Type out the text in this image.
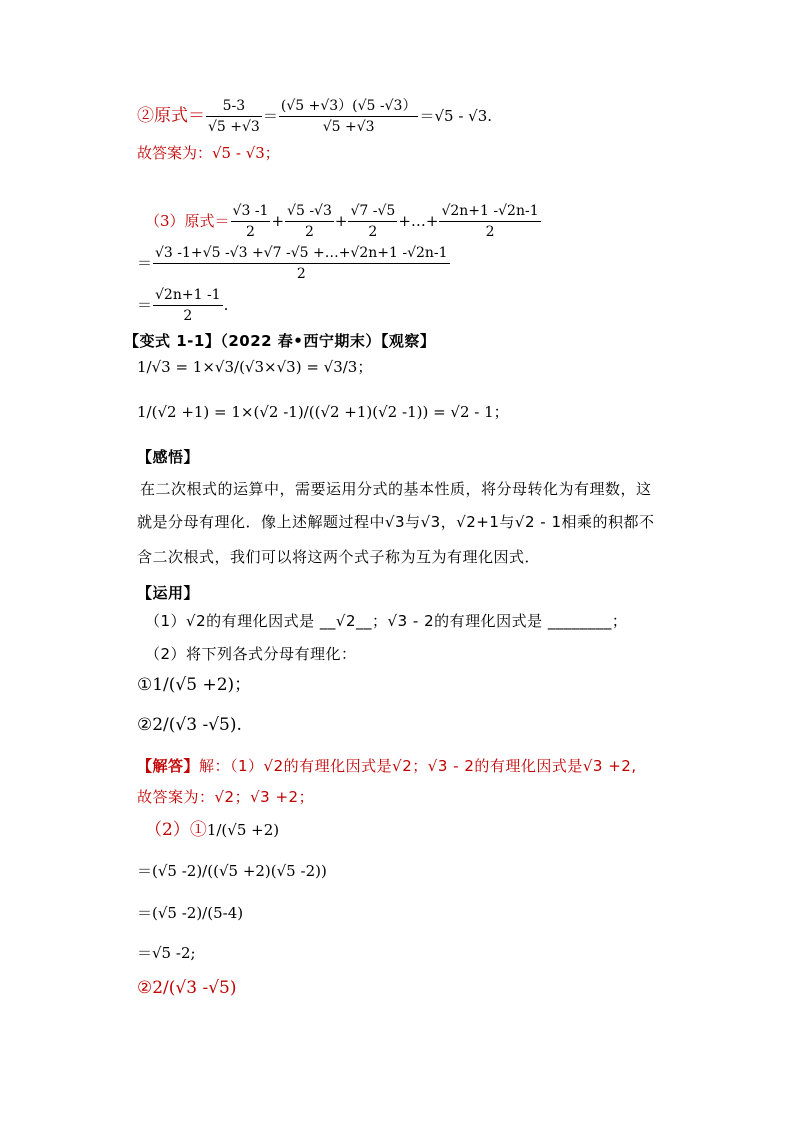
②原式＝ $\frac{5-3}{√5 +√3} = \frac{(√5 +√3)(√5 -√3)}{√5 +√3} =√5 - √3$.
故答案为：√5 - √3；
（3）原式＝ $\frac{√3 -1}{2} + \frac{√5 -√3}{2} + \frac{√7 -√5}{2}$ +…+ $\frac{√2n+1 -√2n-1}{2}$
＝ $\frac{√3 -1+√5 -√3 +√7 -√5 +\dots+√2n+1 -√2n-1}{2}$
＝ $\frac{√2n+1 -1}{2}$ .
【变式 1-1】（2022 春•西宁期末）【观察】
1/√3 = 1×√3/(√3×√3) = √3/3；
1/(√2 +1) = 1×(√2 -1)/((√2 +1)(√2 -1)) = √2 - 1；
【感悟】
在二次根式的运算中，需要运用分式的基本性质，将分母转化为有理数，这
就是分母有理化．像上述解题过程中√3与√3，√2+1与√2 - 1相乘的积都不
含二次根式，我们可以将这两个式子称为互为有理化因式．
【运用】
（1）√2的有理化因式是 __√2__；√3 - 2的有理化因式是 ________；
（2）将下列各式分母有理化：
①1/(√5 +2)；
②2/(√3 -√5).
【解答】解：（1）√2的有理化因式是√2；√3 - 2的有理化因式是√3 +2,
故答案为：√2；√3 +2；
（2）①1/(√5 +2)
＝(√5 -2)/((√5 +2)(√5 -2))
＝(√5 -2)/(5-4)
＝√5 -2;
②2/(√3 -√5)
